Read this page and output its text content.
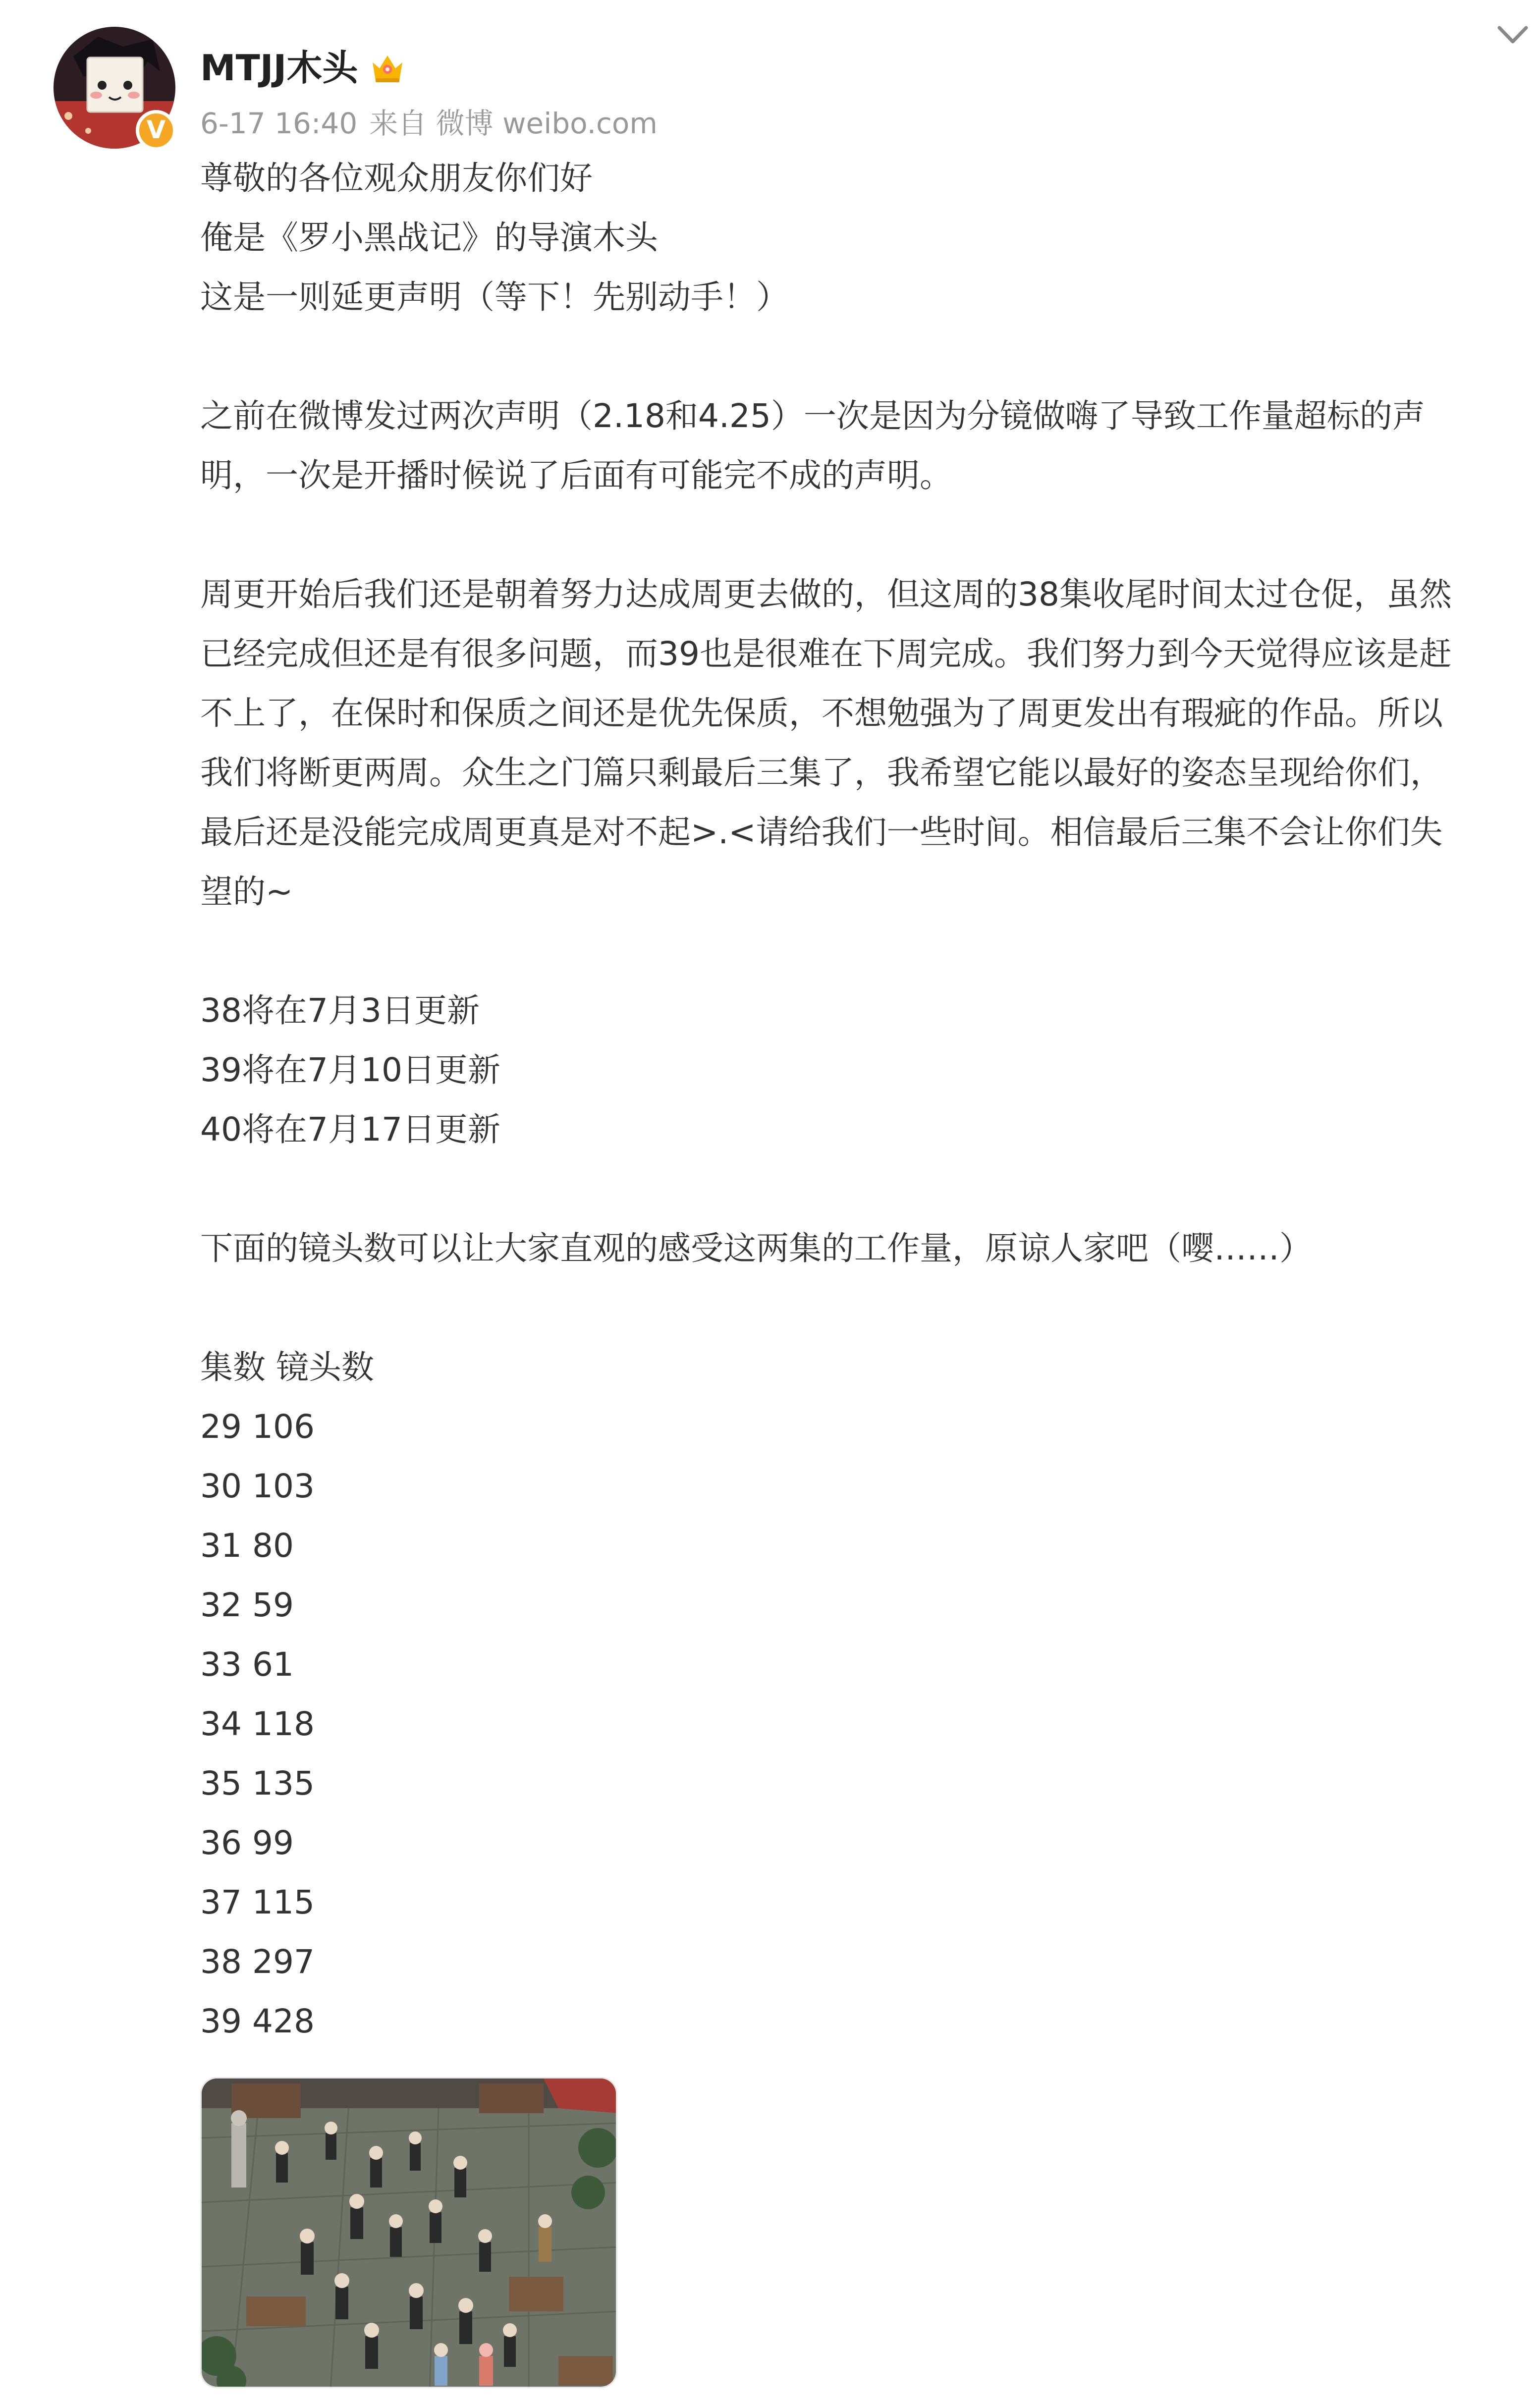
V
MTJJ木头
6-17 16:40 来自 微博 weibo.com
尊敬的各位观众朋友你们好
俺是《罗小黑战记》的导演木头
这是一则延更声明（等下！先别动手！）
之前在微博发过两次声明（2.18和4.25）一次是因为分镜做嗨了导致工作量超标的声
明，一次是开播时候说了后面有可能完不成的声明。
周更开始后我们还是朝着努力达成周更去做的，但这周的38集收尾时间太过仓促，虽然
已经完成但还是有很多问题，而39也是很难在下周完成。我们努力到今天觉得应该是赶
不上了，在保时和保质之间还是优先保质，不想勉强为了周更发出有瑕疵的作品。所以
我们将断更两周。众生之门篇只剩最后三集了，我希望它能以最好的姿态呈现给你们，
最后还是没能完成周更真是对不起>.<请给我们一些时间。相信最后三集不会让你们失
望的~
38将在7月3日更新
39将在7月10日更新
40将在7月17日更新
下面的镜头数可以让大家直观的感受这两集的工作量，原谅人家吧（嘤……）
集数 镜头数
29 106
30 103
31 80
32 59
33 61
34 118
35 135
36 99
37 115
38 297
39 428
